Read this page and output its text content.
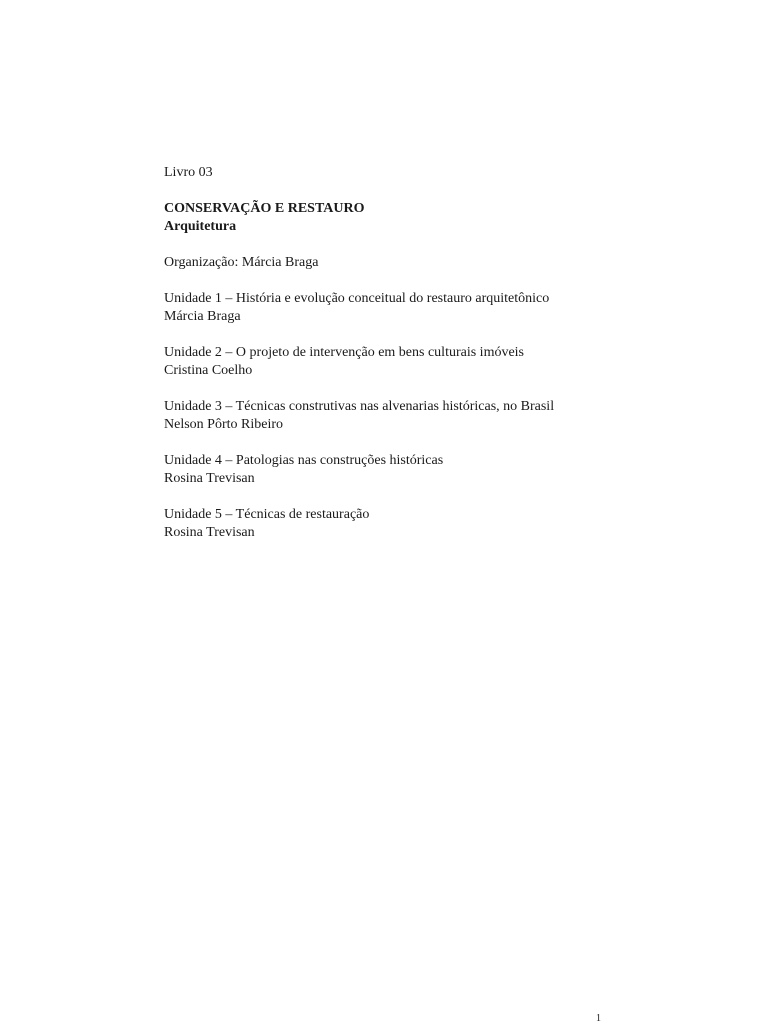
Livro 03
CONSERVAÇÃO E RESTAURO
Arquitetura
Organização: Márcia Braga
Unidade 1 – História e evolução conceitual do restauro arquitetônico
Márcia Braga
Unidade 2 – O projeto de intervenção em bens culturais imóveis
Cristina Coelho
Unidade 3 – Técnicas construtivas nas alvenarias históricas, no Brasil
Nelson Pôrto Ribeiro
Unidade 4 – Patologias nas construções históricas
Rosina Trevisan
Unidade 5 – Técnicas de restauração
Rosina Trevisan
1
